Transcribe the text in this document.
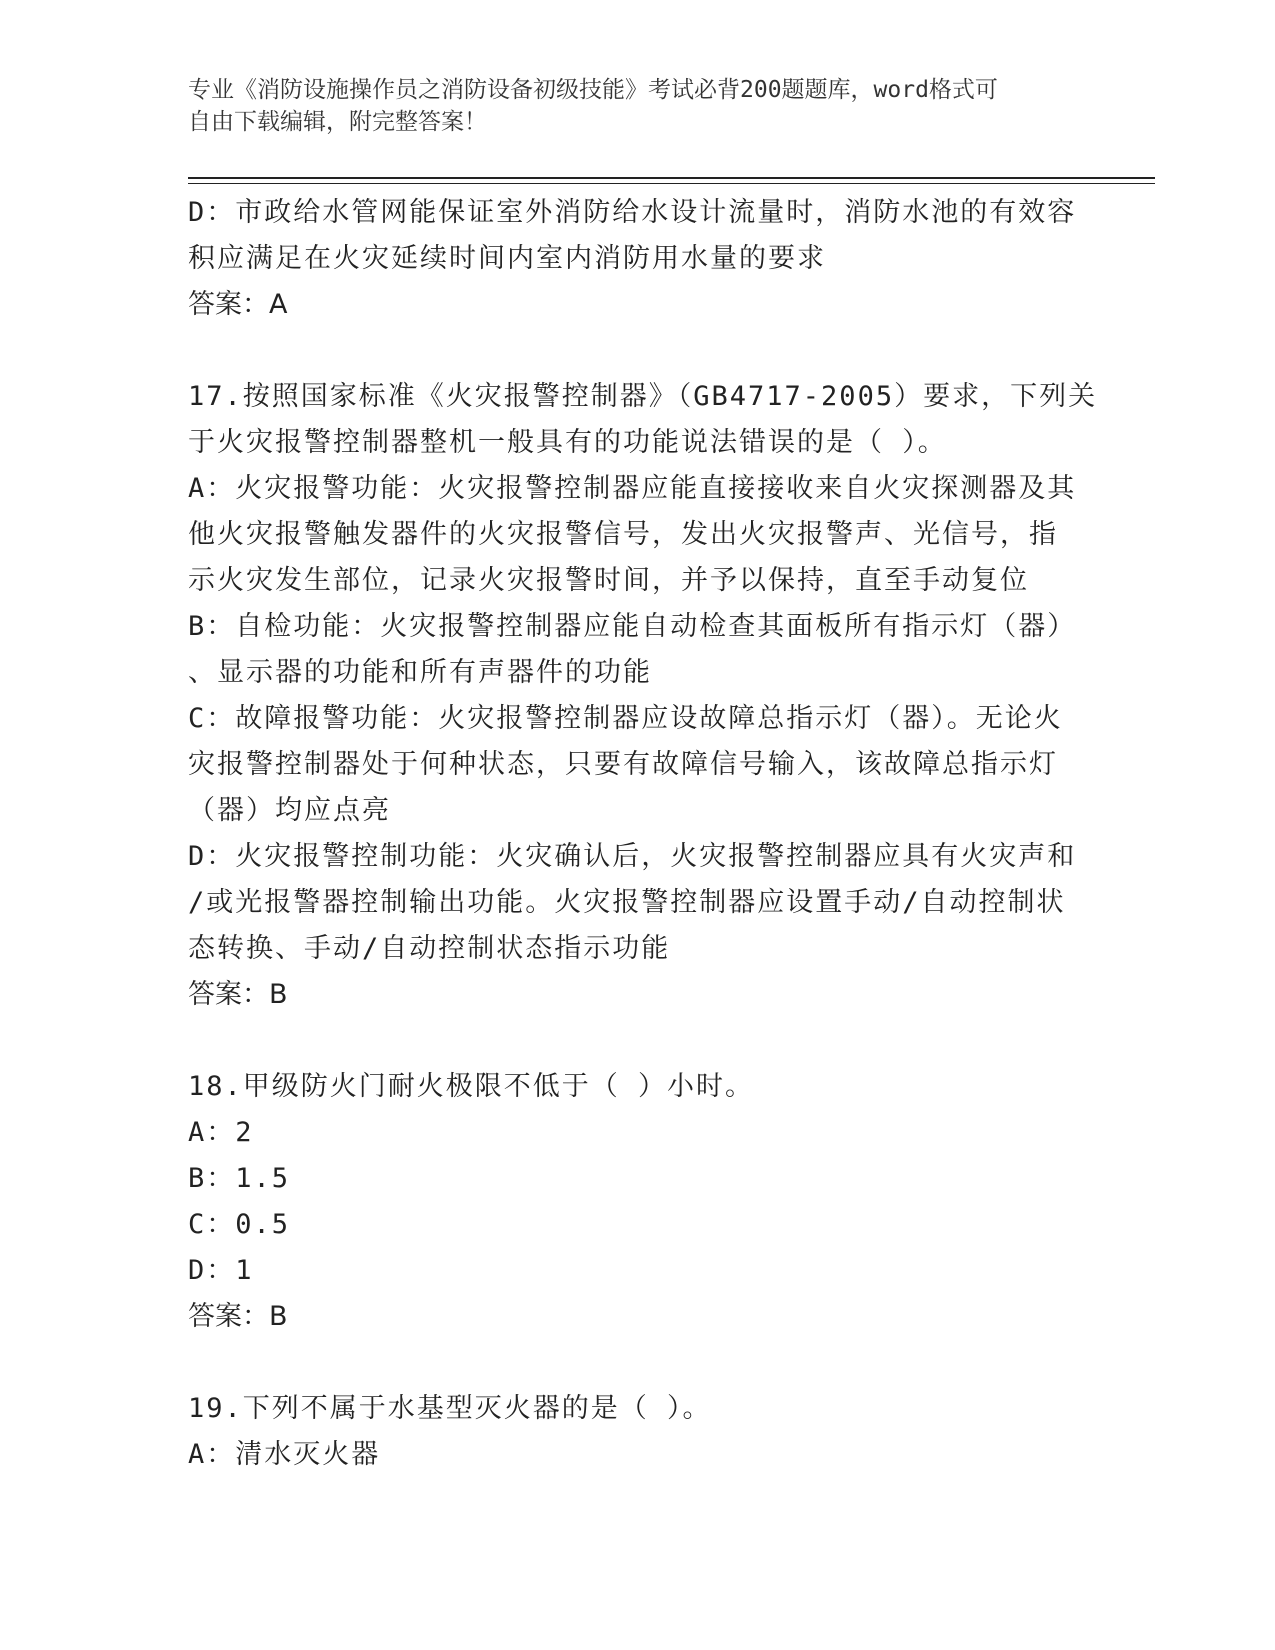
专业《消防设施操作员之消防设备初级技能》考试必背200题题库，word格式可
自由下载编辑，附完整答案！
D：市政给水管网能保证室外消防给水设计流量时，消防水池的有效容
积应满足在火灾延续时间内室内消防用水量的要求
答案：A
17.按照国家标准《火灾报警控制器》（GB4717-2005）要求，下列关
于火灾报警控制器整机一般具有的功能说法错误的是（ ）。
A：火灾报警功能：火灾报警控制器应能直接接收来自火灾探测器及其
他火灾报警触发器件的火灾报警信号，发出火灾报警声、光信号，指
示火灾发生部位，记录火灾报警时间，并予以保持，直至手动复位
B：自检功能：火灾报警控制器应能自动检查其面板所有指示灯（器）
、显示器的功能和所有声器件的功能
C：故障报警功能：火灾报警控制器应设故障总指示灯（器）。无论火
灾报警控制器处于何种状态，只要有故障信号输入，该故障总指示灯
（器）均应点亮
D：火灾报警控制功能：火灾确认后，火灾报警控制器应具有火灾声和
/或光报警器控制输出功能。火灾报警控制器应设置手动/自动控制状
态转换、手动/自动控制状态指示功能
答案：B
18.甲级防火门耐火极限不低于（ ）小时。
A：2
B：1.5
C：0.5
D：1
答案：B
19.下列不属于水基型灭火器的是（ ）。
A：清水灭火器
